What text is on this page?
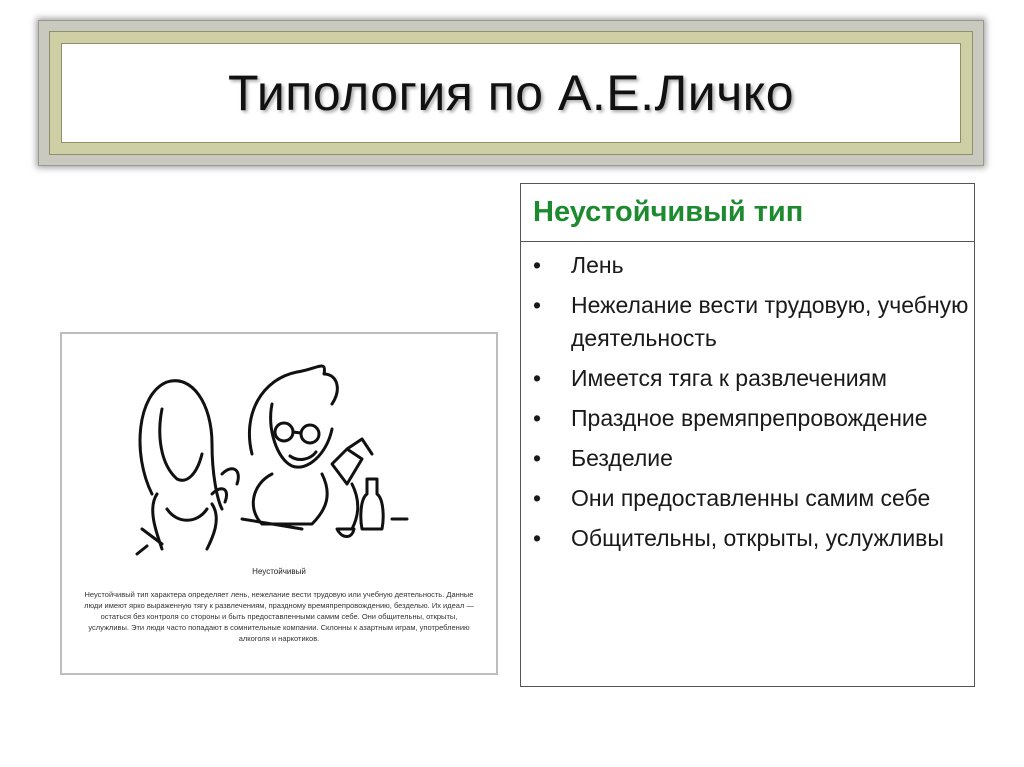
Типология по А.Е.Личко
Неустойчивый
Неустойчивый тип характера определяет лень, нежелание вести трудовую или учебную деятельность. Данные люди имеют ярко выраженную тягу к развлечениям, праздному времяпрепровождению, безделью. Их идеал — остаться без контроля со стороны и быть предоставленными самим себе. Они общительны, открыты, услужливы. Эти люди часто попадают в сомнительные компании. Склонны к азартным играм, употреблению алкоголя и наркотиков.
Неустойчивый тип
• Лень
• Нежелание вести трудовую, учебную деятельность
• Имеется тяга к развлечениям
• Праздное времяпрепровождение
• Безделие
• Они предоставленны самим себе
• Общительны, открыты, услужливы
